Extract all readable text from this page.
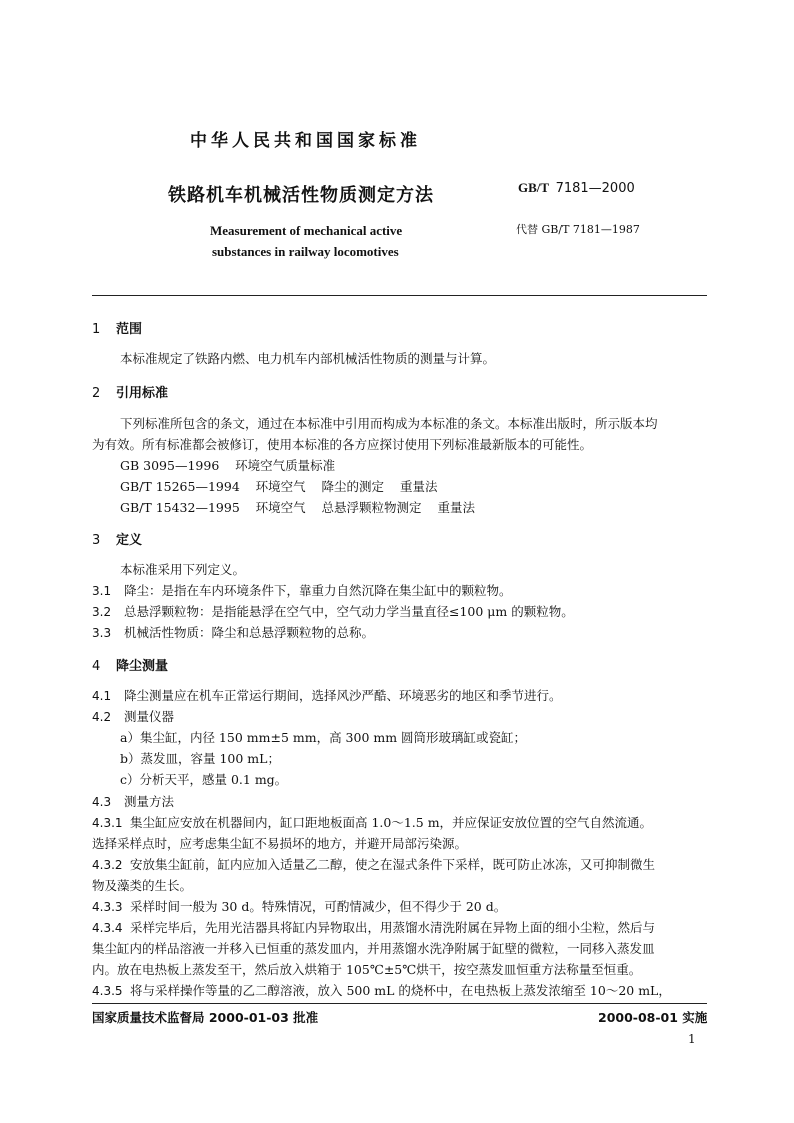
中华人民共和国国家标准
铁路机车机械活性物质测定方法	GB/T 7181—2000
Measurement of mechanical active
substances in railway locomotives
代替 GB/T 7181—1987
1 范围
本标准规定了铁路内燃、电力机车内部机械活性物质的测量与计算。
2 引用标准
下列标准所包含的条文，通过在本标准中引用而构成为本标准的条文。本标准出版时，所示版本均
为有效。所有标准都会被修订，使用本标准的各方应探讨使用下列标准最新版本的可能性。
GB 3095—1996    环境空气质量标准
GB/T 15265—1994    环境空气    降尘的测定    重量法
GB/T 15432—1995    环境空气    总悬浮颗粒物测定    重量法
3 定义
本标准采用下列定义。
3.1 降尘：是指在车内环境条件下，靠重力自然沉降在集尘缸中的颗粒物。
3.2 总悬浮颗粒物：是指能悬浮在空气中，空气动力学当量直径≤100 μm 的颗粒物。
3.3 机械活性物质：降尘和总悬浮颗粒物的总称。
4 降尘测量
4.1 降尘测量应在机车正常运行期间，选择风沙严酷、环境恶劣的地区和季节进行。
4.2 测量仪器
a）集尘缸，内径 150 mm±5 mm，高 300 mm 圆筒形玻璃缸或瓷缸；
b）蒸发皿，容量 100 mL；
c）分析天平，感量 0.1 mg。
4.3 测量方法
4.3.1 集尘缸应安放在机器间内，缸口距地板面高 1.0～1.5 m，并应保证安放位置的空气自然流通。
选择采样点时，应考虑集尘缸不易损坏的地方，并避开局部污染源。
4.3.2 安放集尘缸前，缸内应加入适量乙二醇，使之在湿式条件下采样，既可防止冰冻，又可抑制微生
物及藻类的生长。
4.3.3 采样时间一般为 30 d。特殊情况，可酌情减少，但不得少于 20 d。
4.3.4 采样完毕后，先用光洁器具将缸内异物取出，用蒸馏水清洗附属在异物上面的细小尘粒，然后与
集尘缸内的样品溶液一并移入已恒重的蒸发皿内，并用蒸馏水洗净附属于缸壁的微粒，一同移入蒸发皿
内。放在电热板上蒸发至干，然后放入烘箱于 105℃±5℃烘干，按空蒸发皿恒重方法称量至恒重。
4.3.5 将与采样操作等量的乙二醇溶液，放入 500 mL 的烧杯中，在电热板上蒸发浓缩至 10～20 mL，
国家质量技术监督局 2000-01-03 批准	2000-08-01 实施
1
